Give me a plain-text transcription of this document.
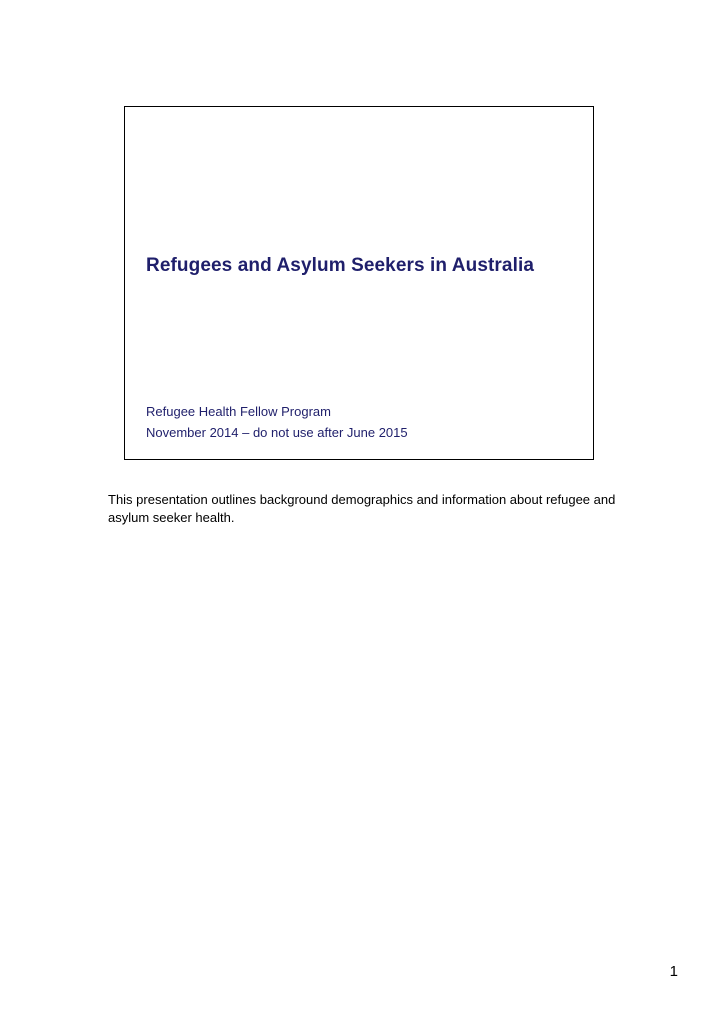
Refugees and Asylum Seekers in Australia
Refugee Health Fellow Program
November 2014 – do not use after June 2015

This presentation outlines background demographics and information about refugee and asylum seeker health.

1
